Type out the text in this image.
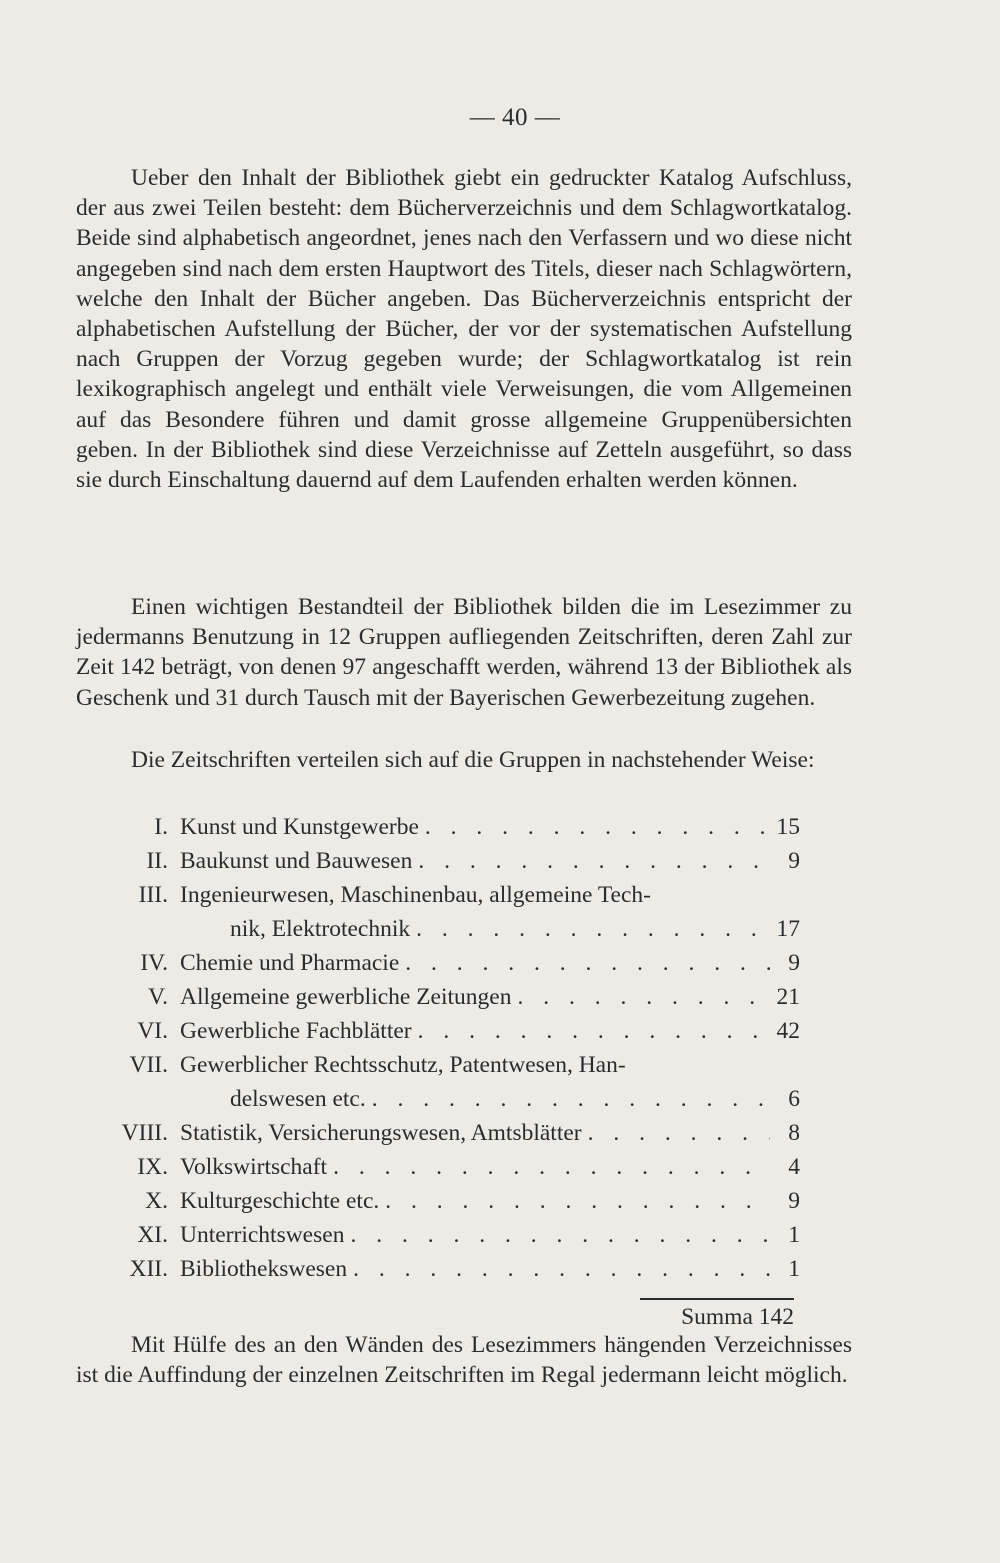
— 40 —

Ueber den Inhalt der Bibliothek giebt ein gedruckter Katalog Aufschluss, der aus zwei Teilen besteht: dem Bücherverzeichnis und dem Schlagwortkatalog. Beide sind alphabetisch angeordnet, jenes nach den Verfassern und wo diese nicht angegeben sind nach dem ersten Hauptwort des Titels, dieser nach Schlagwörtern, welche den Inhalt der Bücher angeben. Das Bücherverzeichnis entspricht der alphabetischen Aufstellung der Bücher, der vor der systematischen Aufstellung nach Gruppen der Vorzug gegeben wurde; der Schlagwortkatalog ist rein lexikographisch angelegt und enthält viele Verweisungen, die vom Allgemeinen auf das Besondere führen und damit grosse allgemeine Gruppenübersichten geben. In der Bibliothek sind diese Verzeichnisse auf Zetteln ausgeführt, so dass sie durch Einschaltung dauernd auf dem Laufenden erhalten werden können.

Einen wichtigen Bestandteil der Bibliothek bilden die im Lesezimmer zu jedermanns Benutzung in 12 Gruppen aufliegenden Zeitschriften, deren Zahl zur Zeit 142 beträgt, von denen 97 angeschafft werden, während 13 der Bibliothek als Geschenk und 31 durch Tausch mit der Bayerischen Gewerbezeitung zugehen.

Die Zeitschriften verteilen sich auf die Gruppen in nachstehender Weise:

I. Kunst und Kunstgewerbe . . .	15
II. Baukunst und Bauwesen . . .	9
III. Ingenieurwesen, Maschinenbau, allgemeine Tech-
nik, Elektrotechnik . . .	17
IV. Chemie und Pharmacie . . .	9
V. Allgemeine gewerbliche Zeitungen . . .	21
VI. Gewerbliche Fachblätter . . .	42
VII. Gewerblicher Rechtsschutz, Patentwesen, Han-
delswesen etc. . . .	6
VIII. Statistik, Versicherungswesen, Amtsblätter . . .	8
IX. Volkswirtschaft . . .	4
X. Kulturgeschichte etc. . . .	9
XI. Unterrichtswesen . . .	1
XII. Bibliothekswesen . . .	1
Summa 142

Mit Hülfe des an den Wänden des Lesezimmers hängenden Verzeichnisses ist die Auffindung der einzelnen Zeitschriften im Regal jedermann leicht möglich.
